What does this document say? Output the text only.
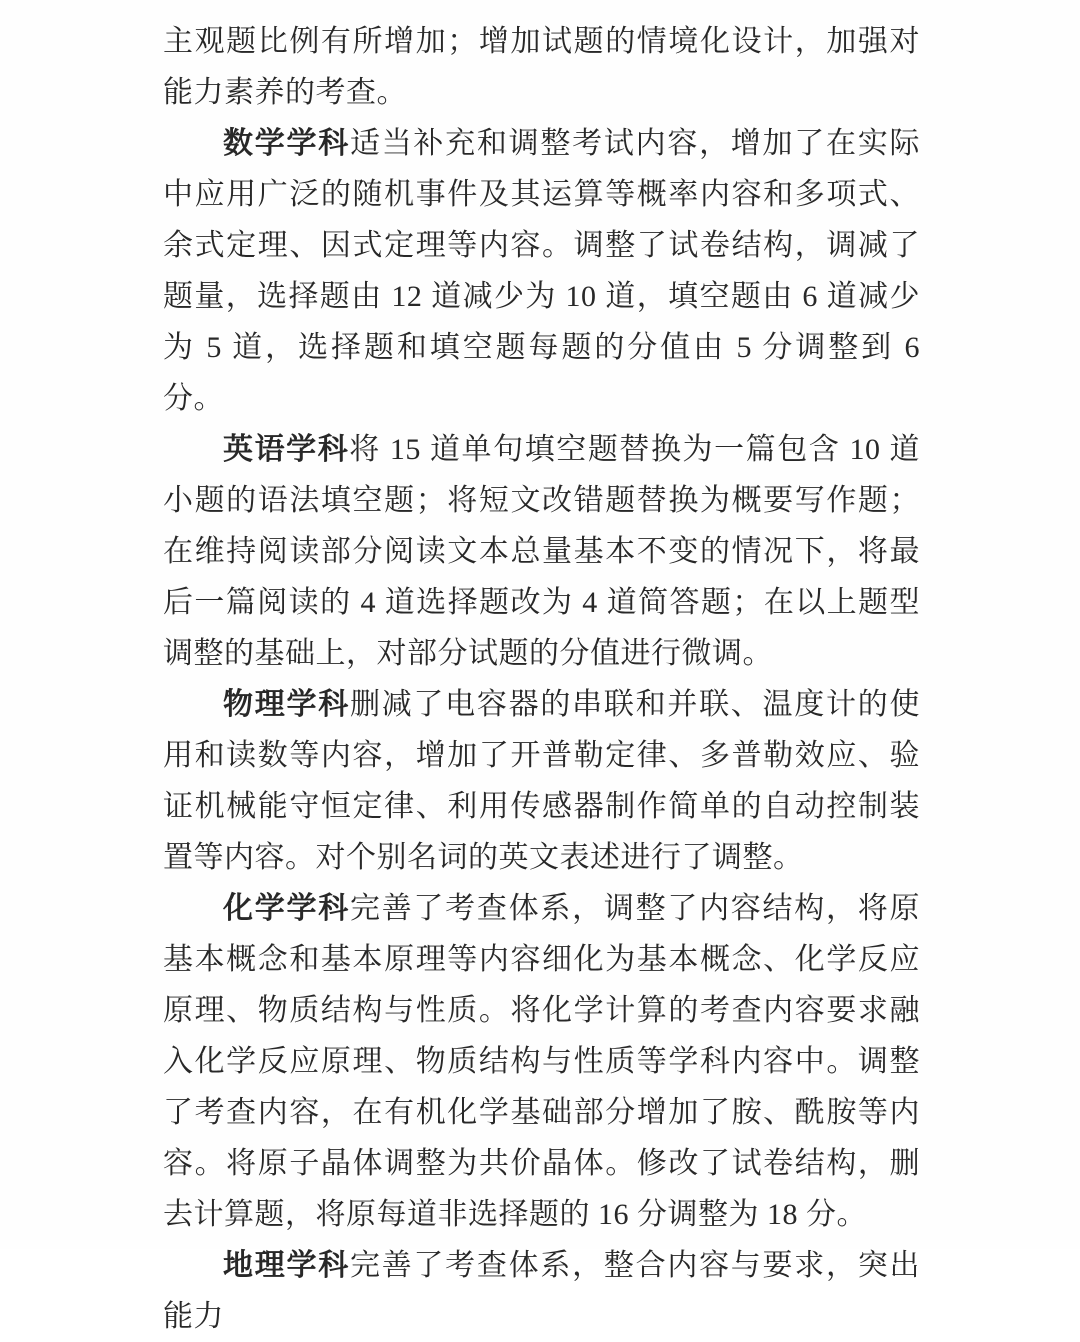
主观题比例有所增加；增加试题的情境化设计，加强对能力素养的考查。

数学学科适当补充和调整考试内容，增加了在实际中应用广泛的随机事件及其运算等概率内容和多项式、余式定理、因式定理等内容。调整了试卷结构，调减了题量，选择题由 12 道减少为 10 道，填空题由 6 道减少为 5 道，选择题和填空题每题的分值由 5 分调整到 6 分。

英语学科将 15 道单句填空题替换为一篇包含 10 道小题的语法填空题；将短文改错题替换为概要写作题；在维持阅读部分阅读文本总量基本不变的情况下，将最后一篇阅读的 4 道选择题改为 4 道简答题；在以上题型调整的基础上，对部分试题的分值进行微调。

物理学科删减了电容器的串联和并联、温度计的使用和读数等内容，增加了开普勒定律、多普勒效应、验证机械能守恒定律、利用传感器制作简单的自动控制装置等内容。对个别名词的英文表述进行了调整。

化学学科完善了考查体系，调整了内容结构，将原基本概念和基本原理等内容细化为基本概念、化学反应原理、物质结构与性质。将化学计算的考查内容要求融入化学反应原理、物质结构与性质等学科内容中。调整了考查内容，在有机化学基础部分增加了胺、酰胺等内容。将原子晶体调整为共价晶体。修改了试卷结构，删去计算题，将原每道非选择题的 16 分调整为 18 分。

地理学科完善了考查体系，整合内容与要求，突出能力
